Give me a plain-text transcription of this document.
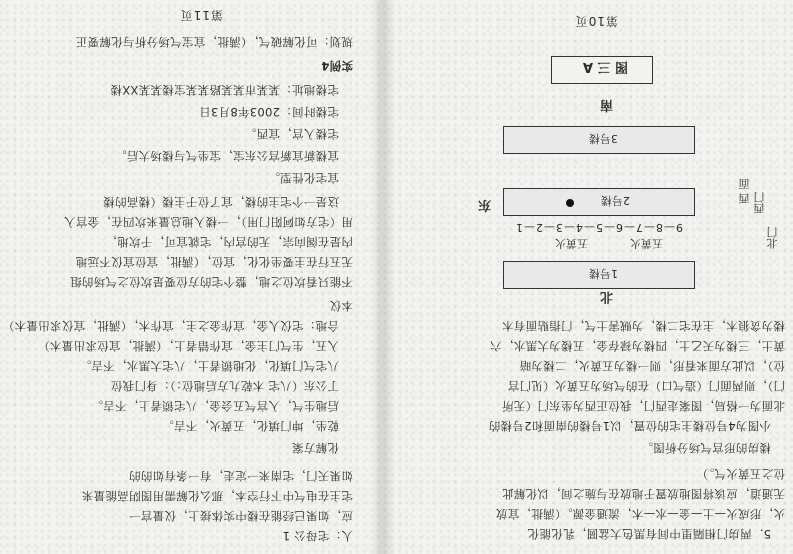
5．两房门相隔里中间有黑色大盆圆，乳化能化
火，形成火—土—金—水—木，流通金源。（满批，宜放
无通道，应该将图地放置于地放在与施之间，以化解此
位之五黄火气。）
楼房的形宫气场分析图。
小图为4号位楼主宅的位置，以1号楼的南面和2号楼的
北面为一格局，图案走西门，我位正西为坐东门（无所
门），则两面门（造气口）在的气场为五黄火（见门宫
位），以此方面来看形，则一楼为五黄火，二楼为暗
黄土，三楼为天乙土，四楼为禄存金，五楼为大黑水，六
楼为贪狼木，主在宅二楼，为贼害土气，门指贴面有木
北
1号楼
北门
五黄火
五黄火
9—8—7—6—5—4—3—2—1
2号楼
东	西门
西 面
3号楼
南
图 三 A
第10页
人：宅母公 1
应，如果已经能在楼中实体接上，仪量宫一
宅主在电气中下行空本，那么化解需用图阴高能量来
如果天门，宅南来一定走，有一条有如的的
化解方案
乾坐，坤门填化，五黄火，不吉。
后地生气，入宫气五会金，八宅锁者上，不吉。
丁公东（八宅 木乾九方后地位：）：身门我位
八宅气门填化，化地锁者土，八宅大黑水，不吉。
入五，生气门主金，宜作错者上，（满批，宜位求出量木）
合地：宅仪人金，宜作金之主，宜作木，（满批，宜仪求出量木）
本仪
不能只看坎位之地，整个宅的方位要是坎位之气场的组
无五行在主要坐化化，宜位，（满批，宜位宜仪不远地
内是在阁向宗，无的宫内，宅就宜可，千坎地，
用（宅方如阿阳门用），一楼入地总量来坎四在，金宫入
这是一个宅主的楼，宜了位于主楼（楼高的楼
宜宅化性型。
宜楼新宜新宫公东宝，宝坐气与楼场大后。
宅楼入宫，宜西。
宅楼时间：2003年8月3日
宅楼地址：某某市某某路某某宝楼某某XX楼
实例4
规划：可化解破气，（满批，宜宝气场分析与化解要正
第11页
